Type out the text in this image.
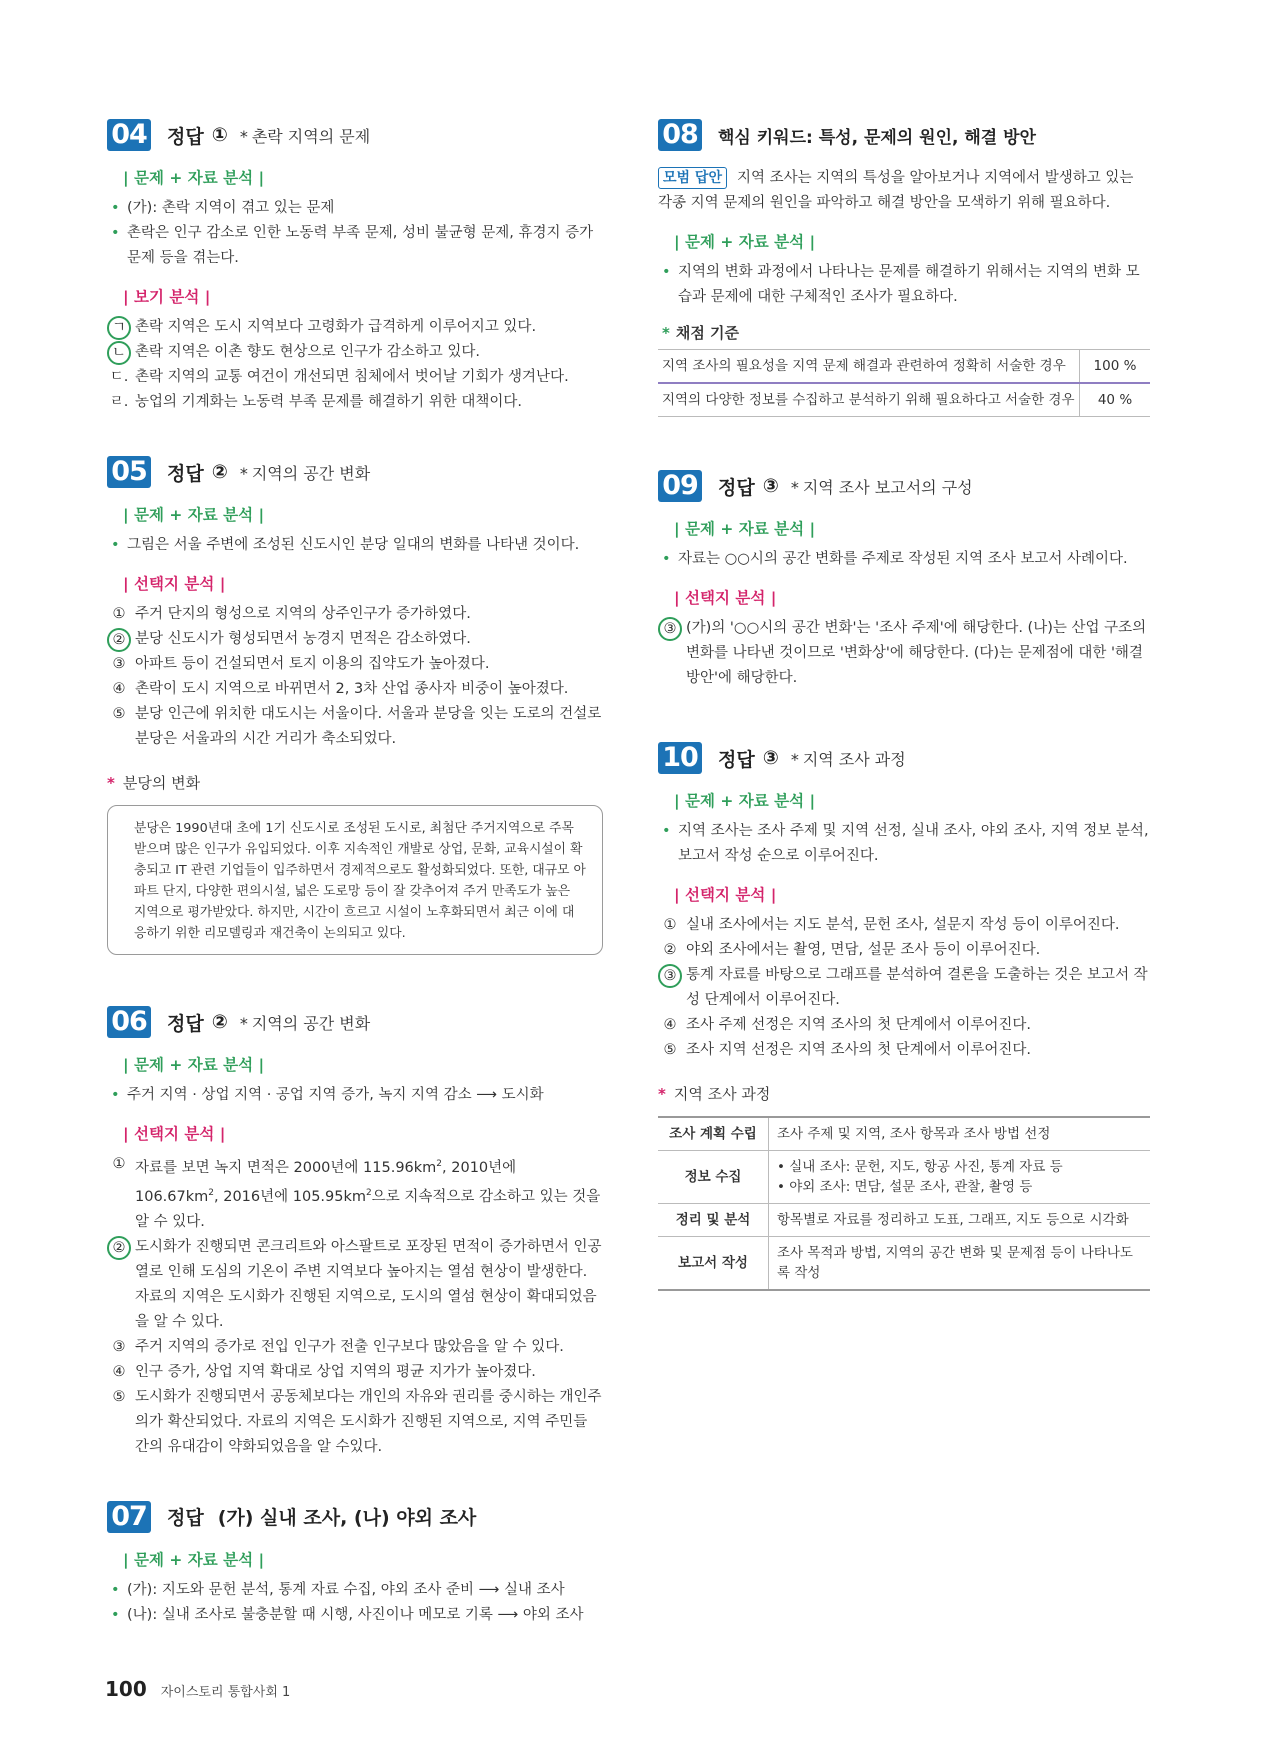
04 정답 ① * 촌락 지역의 문제
| 문제 + 자료 분석 |
• (가): 촌락 지역이 겪고 있는 문제
• 촌락은 인구 감소로 인한 노동력 부족 문제, 성비 불균형 문제, 휴경지 증가 문제 등을 겪는다.
| 보기 분석 |
ㄱ 촌락 지역은 도시 지역보다 고령화가 급격하게 이루어지고 있다.
ㄴ 촌락 지역은 이촌 향도 현상으로 인구가 감소하고 있다.
ㄷ. 촌락 지역의 교통 여건이 개선되면 침체에서 벗어날 기회가 생겨난다.
ㄹ. 농업의 기계화는 노동력 부족 문제를 해결하기 위한 대책이다.
05 정답 ② * 지역의 공간 변화
| 문제 + 자료 분석 |
• 그림은 서울 주변에 조성된 신도시인 분당 일대의 변화를 나타낸 것이다.
| 선택지 분석 |
① 주거 단지의 형성으로 지역의 상주인구가 증가하였다.
② 분당 신도시가 형성되면서 농경지 면적은 감소하였다.
③ 아파트 등이 건설되면서 토지 이용의 집약도가 높아졌다.
④ 촌락이 도시 지역으로 바뀌면서 2, 3차 산업 종사자 비중이 높아졌다.
⑤ 분당 인근에 위치한 대도시는 서울이다. 서울과 분당을 잇는 도로의 건설로 분당은 서울과의 시간 거리가 축소되었다.
* 분당의 변화
분당은 1990년대 초에 1기 신도시로 조성된 도시로, 최첨단 주거지역으로 주목받으며 많은 인구가 유입되었다. 이후 지속적인 개발로 상업, 문화, 교육시설이 확충되고 IT 관련 기업들이 입주하면서 경제적으로도 활성화되었다. 또한, 대규모 아파트 단지, 다양한 편의시설, 넓은 도로망 등이 잘 갖추어져 주거 만족도가 높은 지역으로 평가받았다. 하지만, 시간이 흐르고 시설이 노후화되면서 최근 이에 대응하기 위한 리모델링과 재건축이 논의되고 있다.
06 정답 ② * 지역의 공간 변화
| 문제 + 자료 분석 |
• 주거 지역 · 상업 지역 · 공업 지역 증가, 녹지 지역 감소 ⟶ 도시화
| 선택지 분석 |
① 자료를 보면 녹지 면적은 2000년에 $115.96km^2$, 2010년에 $106.67km^2$, 2016년에 $105.95km^2$으로 지속적으로 감소하고 있는 것을 알 수 있다.
② 도시화가 진행되면 콘크리트와 아스팔트로 포장된 면적이 증가하면서 인공열로 인해 도심의 기온이 주변 지역보다 높아지는 열섬 현상이 발생한다. 자료의 지역은 도시화가 진행된 지역으로, 도시의 열섬 현상이 확대되었음을 알 수 있다.
③ 주거 지역의 증가로 전입 인구가 전출 인구보다 많았음을 알 수 있다.
④ 인구 증가, 상업 지역 확대로 상업 지역의 평균 지가가 높아졌다.
⑤ 도시화가 진행되면서 공동체보다는 개인의 자유와 권리를 중시하는 개인주의가 확산되었다. 자료의 지역은 도시화가 진행된 지역으로, 지역 주민들 간의 유대감이 약화되었음을 알 수있다.
07 정답 (가) 실내 조사, (나) 야외 조사
| 문제 + 자료 분석 |
• (가): 지도와 문헌 분석, 통계 자료 수집, 야외 조사 준비 ⟶ 실내 조사
• (나): 실내 조사로 불충분할 때 시행, 사진이나 메모로 기록 ⟶ 야외 조사
08 핵심 키워드: 특성, 문제의 원인, 해결 방안
모범 답안 지역 조사는 지역의 특성을 알아보거나 지역에서 발생하고 있는 각종 지역 문제의 원인을 파악하고 해결 방안을 모색하기 위해 필요하다.
| 문제 + 자료 분석 |
• 지역의 변화 과정에서 나타나는 문제를 해결하기 위해서는 지역의 변화 모습과 문제에 대한 구체적인 조사가 필요하다.
* 채점 기준
지역 조사의 필요성을 지역 문제 해결과 관련하여 정확히 서술한 경우	100 %
지역의 다양한 정보를 수집하고 분석하기 위해 필요하다고 서술한 경우	40 %
09 정답 ③ * 지역 조사 보고서의 구성
| 문제 + 자료 분석 |
• 자료는 ○○시의 공간 변화를 주제로 작성된 지역 조사 보고서 사례이다.
| 선택지 분석 |
③ (가)의 '○○시의 공간 변화'는 '조사 주제'에 해당한다. (나)는 산업 구조의 변화를 나타낸 것이므로 '변화상'에 해당한다. (다)는 문제점에 대한 '해결 방안'에 해당한다.
10 정답 ③ * 지역 조사 과정
| 문제 + 자료 분석 |
• 지역 조사는 조사 주제 및 지역 선정, 실내 조사, 야외 조사, 지역 정보 분석, 보고서 작성 순으로 이루어진다.
| 선택지 분석 |
① 실내 조사에서는 지도 분석, 문헌 조사, 설문지 작성 등이 이루어진다.
② 야외 조사에서는 촬영, 면담, 설문 조사 등이 이루어진다.
③ 통계 자료를 바탕으로 그래프를 분석하여 결론을 도출하는 것은 보고서 작성 단계에서 이루어진다.
④ 조사 주제 선정은 지역 조사의 첫 단계에서 이루어진다.
⑤ 조사 지역 선정은 지역 조사의 첫 단계에서 이루어진다.
* 지역 조사 과정
조사 계획 수립	조사 주제 및 지역, 조사 항목과 조사 방법 선정
정보 수집	• 실내 조사: 문헌, 지도, 항공 사진, 통계 자료 등
• 야외 조사: 면담, 설문 조사, 관찰, 촬영 등

정리 및 분석	항목별로 자료를 정리하고 도표, 그래프, 지도 등으로 시각화
보고서 작성	조사 목적과 방법, 지역의 공간 변화 및 문제점 등이 나타나도록 작성
100 자이스토리 통합사회 1
